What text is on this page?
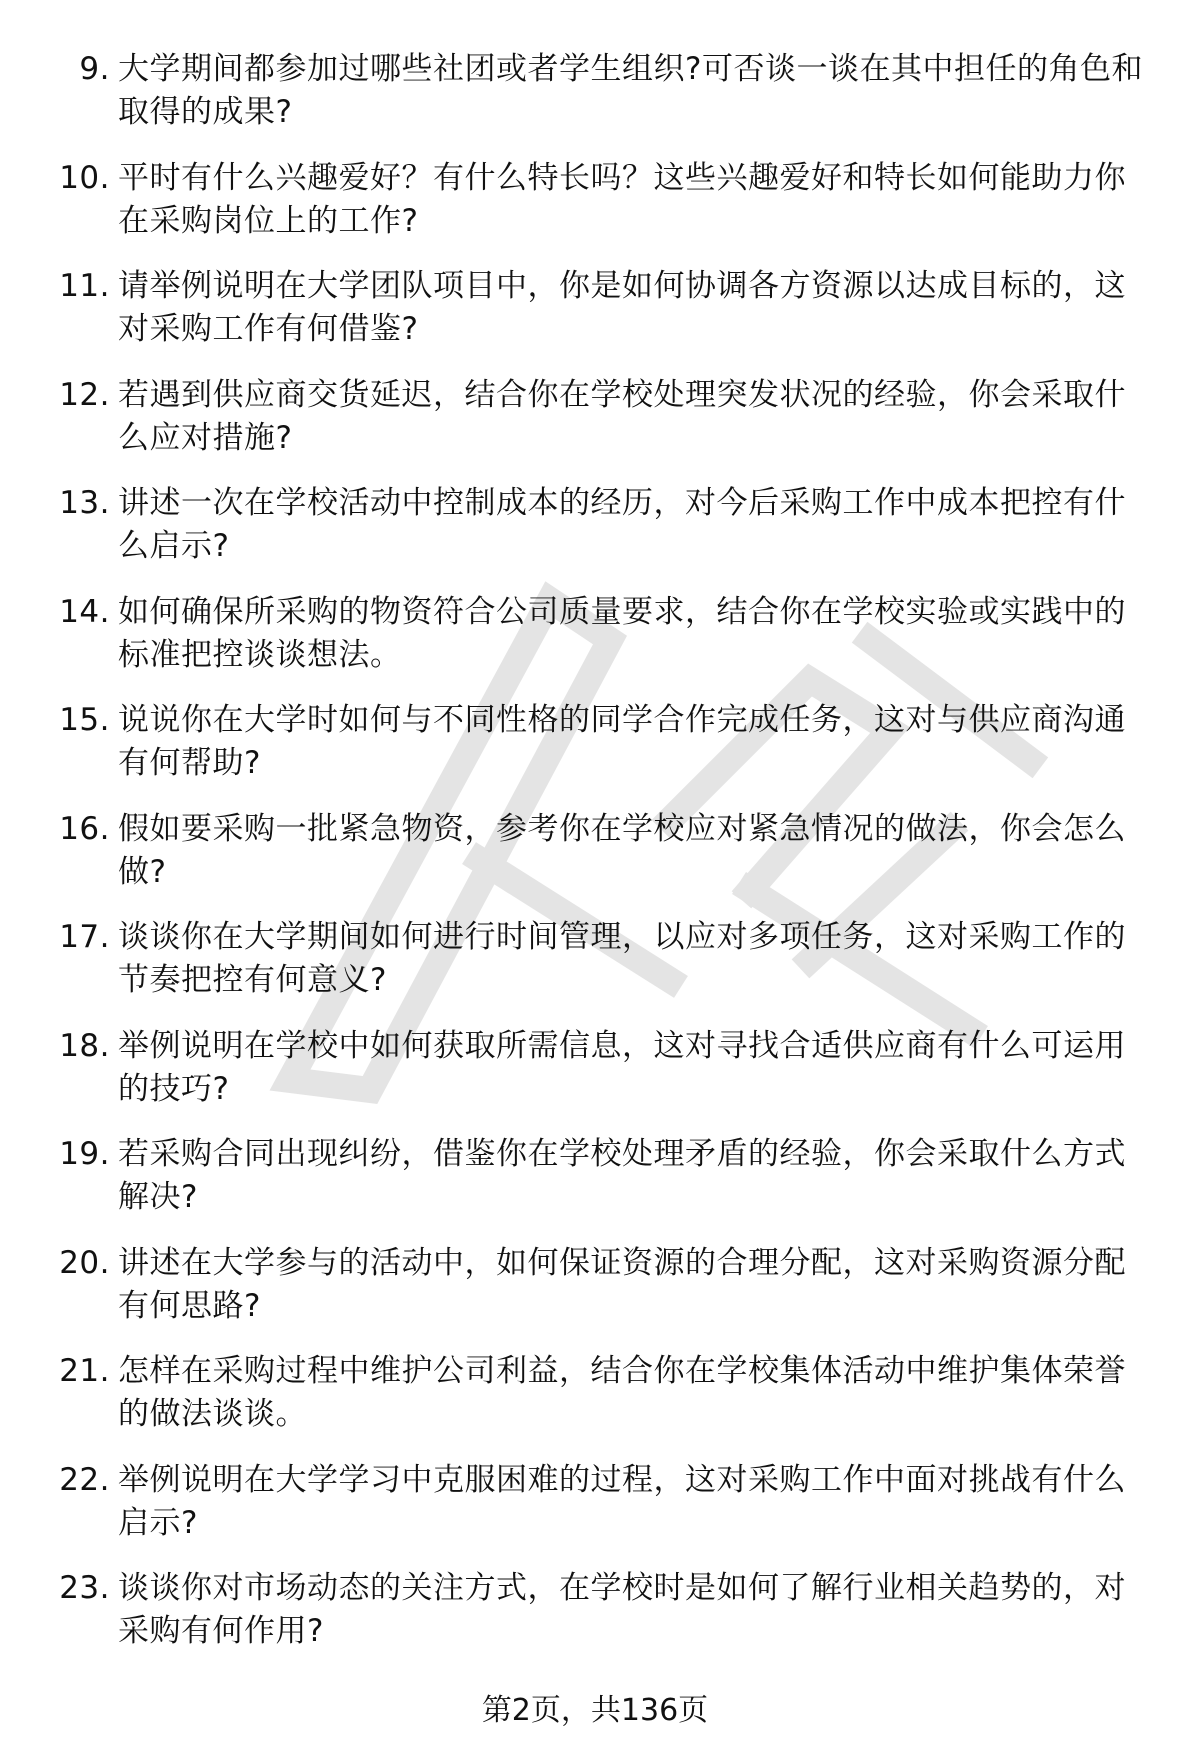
9. 大学期间都参加过哪些社团或者学生组织?可否谈一谈在其中担任的角色和取得的成果?
10. 平时有什么兴趣爱好？有什么特长吗？这些兴趣爱好和特长如何能助力你在采购岗位上的工作?
11. 请举例说明在大学团队项目中，你是如何协调各方资源以达成目标的，这对采购工作有何借鉴?
12. 若遇到供应商交货延迟，结合你在学校处理突发状况的经验，你会采取什么应对措施?
13. 讲述一次在学校活动中控制成本的经历，对今后采购工作中成本把控有什么启示?
14. 如何确保所采购的物资符合公司质量要求，结合你在学校实验或实践中的标准把控谈谈想法。
15. 说说你在大学时如何与不同性格的同学合作完成任务，这对与供应商沟通有何帮助?
16. 假如要采购一批紧急物资，参考你在学校应对紧急情况的做法，你会怎么做?
17. 谈谈你在大学期间如何进行时间管理，以应对多项任务，这对采购工作的节奏把控有何意义?
18. 举例说明在学校中如何获取所需信息，这对寻找合适供应商有什么可运用的技巧?
19. 若采购合同出现纠纷，借鉴你在学校处理矛盾的经验，你会采取什么方式解决?
20. 讲述在大学参与的活动中，如何保证资源的合理分配，这对采购资源分配有何思路?
21. 怎样在采购过程中维护公司利益，结合你在学校集体活动中维护集体荣誉的做法谈谈。
22. 举例说明在大学学习中克服困难的过程，这对采购工作中面对挑战有什么启示?
23. 谈谈你对市场动态的关注方式，在学校时是如何了解行业相关趋势的，对采购有何作用?
第2页，共136页
